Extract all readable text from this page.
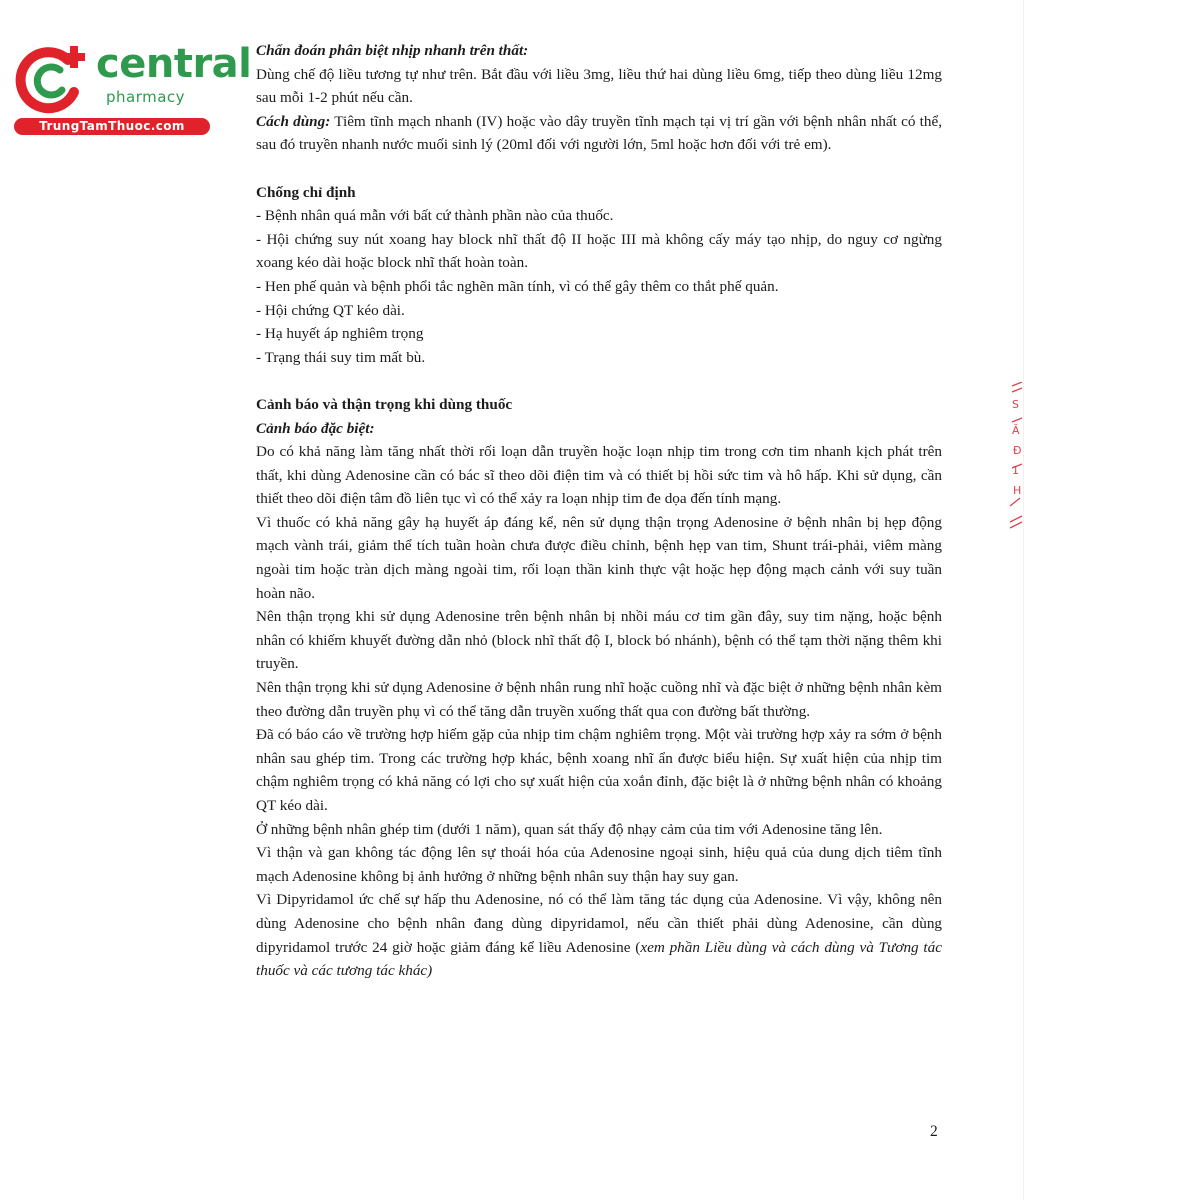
central
pharmacy
TrungTamThuoc.com

Chẩn đoán phân biệt nhịp nhanh trên thất:

Dùng chế độ liều tương tự như trên. Bắt đầu với liều 3mg, liều thứ hai dùng liều 6mg, tiếp theo dùng liều 12mg sau mỗi 1-2 phút nếu cần.

Cách dùng: Tiêm tĩnh mạch nhanh (IV) hoặc vào dây truyền tĩnh mạch tại vị trí gần với bệnh nhân nhất có thể, sau đó truyền nhanh nước muối sinh lý (20ml đối với người lớn, 5ml hoặc hơn đối với trẻ em).

Chống chỉ định

- Bệnh nhân quá mẫn với bất cứ thành phần nào của thuốc.

- Hội chứng suy nút xoang hay block nhĩ thất độ II hoặc III mà không cấy máy tạo nhịp, do nguy cơ ngừng xoang kéo dài hoặc block nhĩ thất hoàn toàn.

- Hen phế quản và bệnh phổi tắc nghẽn mãn tính, vì có thể gây thêm co thắt phế quản.

- Hội chứng QT kéo dài.

- Hạ huyết áp nghiêm trọng

- Trạng thái suy tim mất bù.

Cảnh báo và thận trọng khi dùng thuốc

Cảnh báo đặc biệt:

Do có khả năng làm tăng nhất thời rối loạn dẫn truyền hoặc loạn nhịp tim trong cơn tim nhanh kịch phát trên thất, khi dùng Adenosine cần có bác sĩ theo dõi điện tim và có thiết bị hồi sức tim và hô hấp. Khi sử dụng, cần thiết theo dõi điện tâm đồ liên tục vì có thể xảy ra loạn nhịp tim đe dọa đến tính mạng.

Vì thuốc có khả năng gây hạ huyết áp đáng kể, nên sử dụng thận trọng Adenosine ở bệnh nhân bị hẹp động mạch vành trái, giảm thể tích tuần hoàn chưa được điều chỉnh, bệnh hẹp van tim, Shunt trái-phải, viêm màng ngoài tim hoặc tràn dịch màng ngoài tim, rối loạn thần kinh thực vật hoặc hẹp động mạch cảnh với suy tuần hoàn não.

Nên thận trọng khi sử dụng Adenosine trên bệnh nhân bị nhồi máu cơ tim gần đây, suy tim nặng, hoặc bệnh nhân có khiếm khuyết đường dẫn nhỏ (block nhĩ thất độ I, block bó nhánh), bệnh có thể tạm thời nặng thêm khi truyền.

Nên thận trọng khi sử dụng Adenosine ở bệnh nhân rung nhĩ hoặc cuồng nhĩ và đặc biệt ở những bệnh nhân kèm theo đường dẫn truyền phụ vì có thể tăng dẫn truyền xuống thất qua con đường bất thường.

Đã có báo cáo về trường hợp hiếm gặp của nhịp tim chậm nghiêm trọng. Một vài trường hợp xảy ra sớm ở bệnh nhân sau ghép tim. Trong các trường hợp khác, bệnh xoang nhĩ ẩn được biểu hiện. Sự xuất hiện của nhịp tim chậm nghiêm trọng có khả năng có lợi cho sự xuất hiện của xoắn đỉnh, đặc biệt là ở những bệnh nhân có khoảng QT kéo dài.

Ở những bệnh nhân ghép tim (dưới 1 năm), quan sát thấy độ nhạy cảm của tim với Adenosine tăng lên.

Vì thận và gan không tác động lên sự thoái hóa của Adenosine ngoại sinh, hiệu quả của dung dịch tiêm tĩnh mạch Adenosine không bị ảnh hưởng ở những bệnh nhân suy thận hay suy gan.

Vì Dipyridamol ức chế sự hấp thu Adenosine, nó có thể làm tăng tác dụng của Adenosine. Vì vậy, không nên dùng Adenosine cho bệnh nhân đang dùng dipyridamol, nếu cần thiết phải dùng Adenosine, cần dùng dipyridamol trước 24 giờ hoặc giảm đáng kể liều Adenosine (xem phần Liều dùng và cách dùng và Tương tác thuốc và các tương tác khác)

S
Ă
Đ
1
H
2
